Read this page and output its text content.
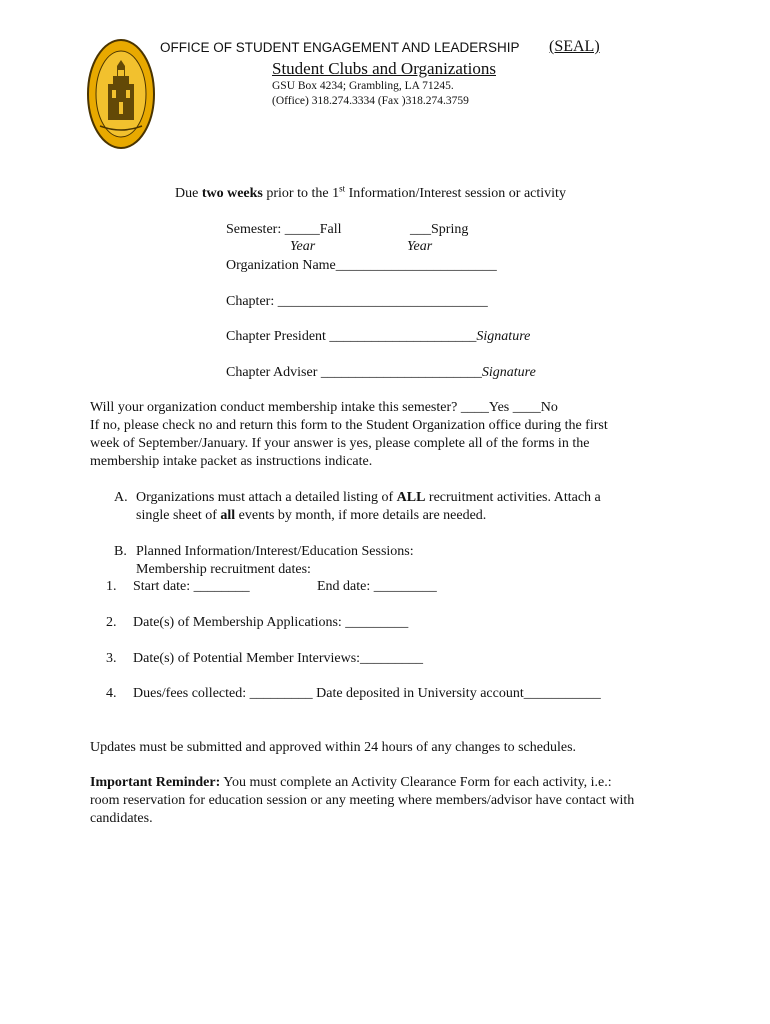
OFFICE OF STUDENT ENGAGEMENT AND LEADERSHIP (SEAL)
Student Clubs and Organizations
GSU Box 4234; Grambling, LA 71245.
(Office) 318.274.3334 (Fax )318.274.3759
Due two weeks prior to the 1st Information/Interest session or activity
Semester: _____Fall	___Spring
Year	Year
Organization Name_______________________
Chapter: ______________________________
Chapter President _____________________Signature
Chapter Adviser _______________________Signature
Will your organization conduct membership intake this semester? ____Yes ____No
If no, please check no and return this form to the Student Organization office during the first
week of September/January. If your answer is yes, please complete all of the forms in the
membership intake packet as instructions indicate.
A. Organizations must attach a detailed listing of ALL recruitment activities. Attach a
single sheet of all events by month, if more details are needed.
B. Planned Information/Interest/Education Sessions:
Membership recruitment dates:
1. Start date: ________	End date: _________
2. Date(s) of Membership Applications: _________
3. Date(s) of Potential Member Interviews:_________
4. Dues/fees collected: _________ Date deposited in University account___________
Updates must be submitted and approved within 24 hours of any changes to schedules.
Important Reminder: You must complete an Activity Clearance Form for each activity, i.e.:
room reservation for education session or any meeting where members/advisor have contact with
candidates.
